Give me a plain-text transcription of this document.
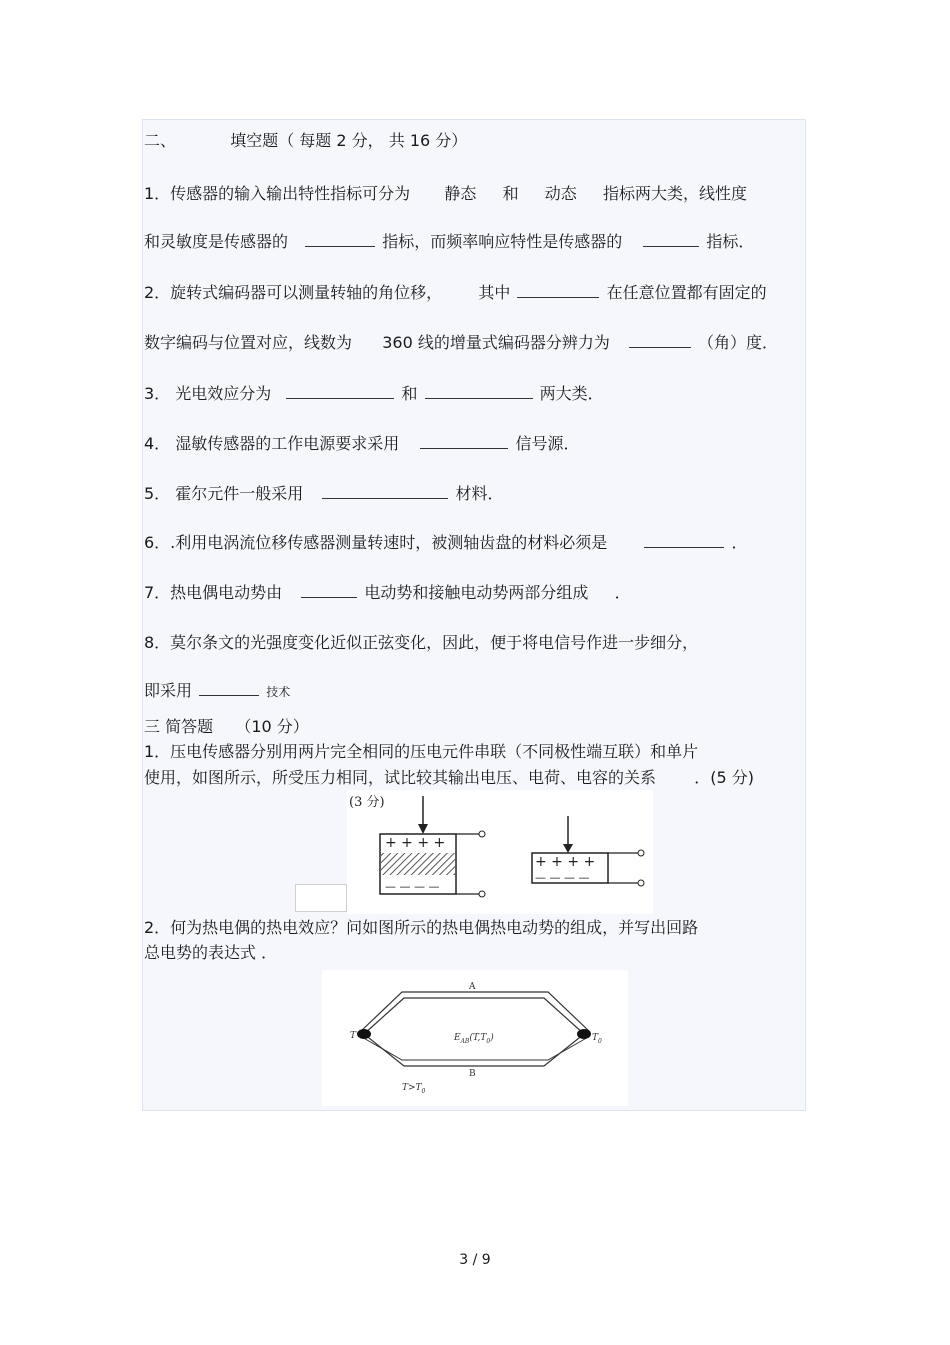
二、	填空题（ 每题 2 分， 共 16 分）
1．传感器的输入输出特性指标可分为 静态 和 动态 指标两大类，线性度
和灵敏度是传感器的	指标，而频率响应特性是传感器的	指标．
2．旋转式编码器可以测量转轴的角位移， 其中	在任意位置都有固定的
数字编码与位置对应，线数为 360 线的增量式编码器分辨力为	（角）度．
3． 光电效应分为	和	两大类．
4． 湿敏传感器的工作电源要求采用	信号源．
5． 霍尔元件一般采用	材料．
6．.利用电涡流位移传感器测量转速时，被测轴齿盘的材料必须是	．
7．热电偶电动势由	电动势和接触电动势两部分组成 ．
8．莫尔条文的光强度变化近似正弦变化，因此，便于将电信号作进一步细分，
即采用	技术
三 简答题 （10 分）
1．压电传感器分别用两片完全相同的压电元件串联（不同极性端互联）和单片
使用，如图所示，所受压力相同，试比较其输出电压、电荷、电容的关系 ．(5 分)
(3 分)
+ + + +
— — — —
+ + + +
— — — —
2．何为热电偶的热电效应？问如图所示的热电偶热电动势的组成，并写出回路
总电势的表达式 ．
A
B
T	$T_0$
$E_{AB}(T,T_0)$
$T>T_0$
3 / 9
